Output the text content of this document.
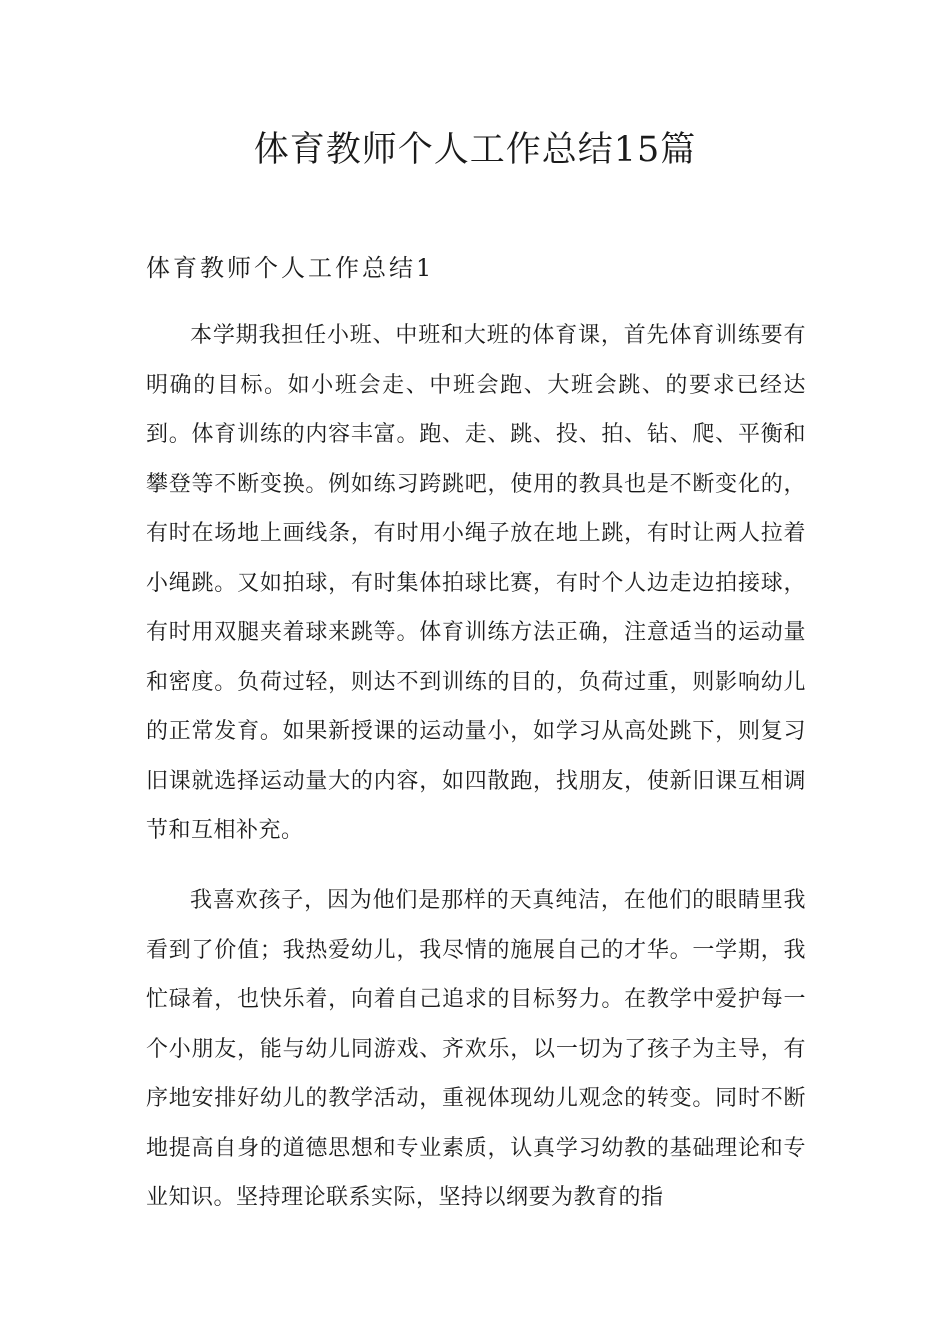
体育教师个人工作总结15篇
体育教师个人工作总结1

本学期我担任小班、中班和大班的体育课，首先体育训练要有明确的目标。如小班会走、中班会跑、大班会跳、的要求已经达到。体育训练的内容丰富。跑、走、跳、投、拍、钻、爬、平衡和攀登等不断变换。例如练习跨跳吧，使用的教具也是不断变化的，有时在场地上画线条，有时用小绳子放在地上跳，有时让两人拉着小绳跳。又如拍球，有时集体拍球比赛，有时个人边走边拍接球，有时用双腿夹着球来跳等。体育训练方法正确，注意适当的运动量和密度。负荷过轻，则达不到训练的目的，负荷过重，则影响幼儿的正常发育。如果新授课的运动量小，如学习从高处跳下，则复习旧课就选择运动量大的内容，如四散跑，找朋友，使新旧课互相调节和互相补充。

我喜欢孩子，因为他们是那样的天真纯洁，在他们的眼睛里我看到了价值；我热爱幼儿，我尽情的施展自己的才华。一学期，我忙碌着，也快乐着，向着自己追求的目标努力。在教学中爱护每一个小朋友，能与幼儿同游戏、齐欢乐，以一切为了孩子为主导，有序地安排好幼儿的教学活动，重视体现幼儿观念的转变。同时不断地提高自身的道德思想和专业素质，认真学习幼教的基础理论和专业知识。坚持理论联系实际，坚持以纲要为教育的指
